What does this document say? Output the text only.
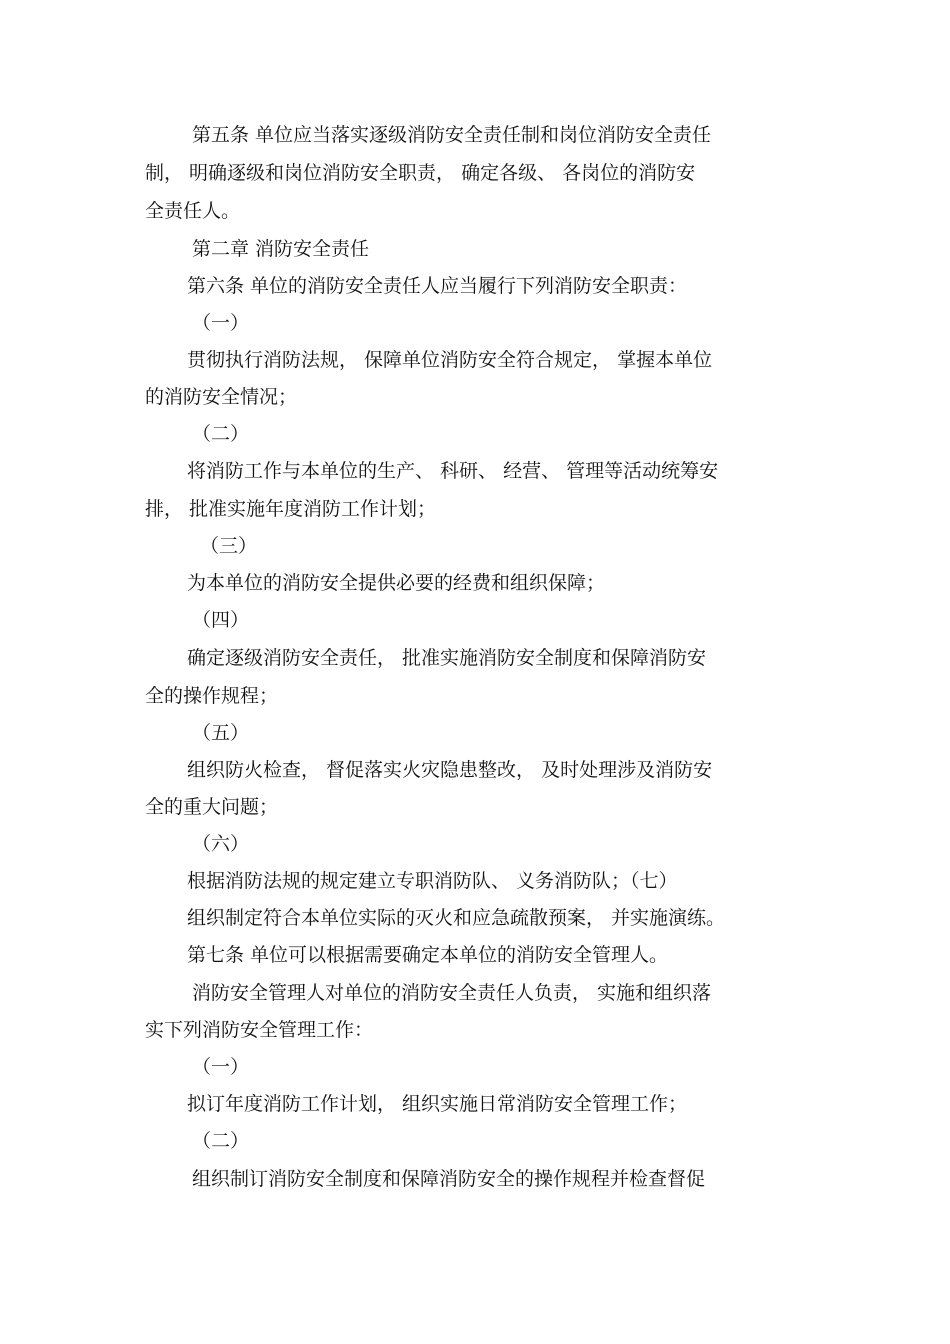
第五条 单位应当落实逐级消防安全责任制和岗位消防安全责任
制， 明确逐级和岗位消防安全职责， 确定各级、 各岗位的消防安
全责任人。
第二章 消防安全责任
第六条 单位的消防安全责任人应当履行下列消防安全职责：
（一）
贯彻执行消防法规， 保障单位消防安全符合规定， 掌握本单位
的消防安全情况；
（二）
将消防工作与本单位的生产、 科研、 经营、 管理等活动统筹安
排， 批准实施年度消防工作计划；
（三）
为本单位的消防安全提供必要的经费和组织保障；
（四）
确定逐级消防安全责任， 批准实施消防安全制度和保障消防安
全的操作规程；
（五）
组织防火检查， 督促落实火灾隐患整改， 及时处理涉及消防安
全的重大问题；
（六）
根据消防法规的规定建立专职消防队、 义务消防队；（七）
组织制定符合本单位实际的灭火和应急疏散预案， 并实施演练。
第七条 单位可以根据需要确定本单位的消防安全管理人。
消防安全管理人对单位的消防安全责任人负责， 实施和组织落
实下列消防安全管理工作：
（一）
拟订年度消防工作计划， 组织实施日常消防安全管理工作；
（二）
组织制订消防安全制度和保障消防安全的操作规程并检查督促
